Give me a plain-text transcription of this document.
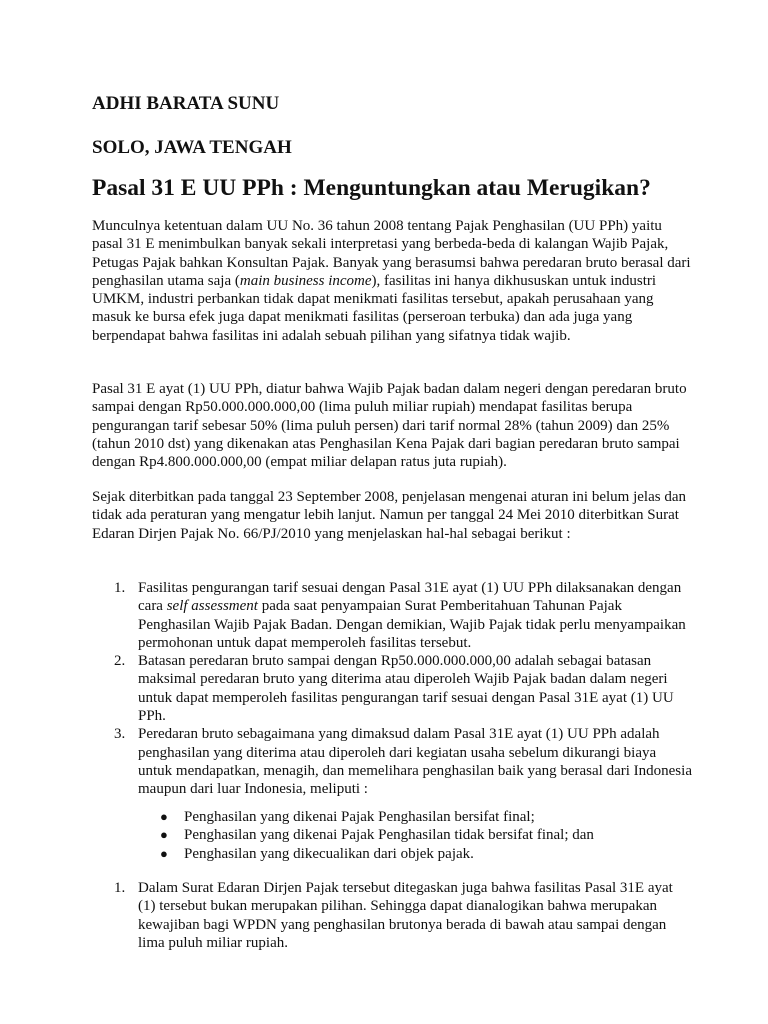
ADHI BARATA SUNU

SOLO, JAWA TENGAH

Pasal 31 E UU PPh : Menguntungkan atau Merugikan?

Munculnya ketentuan dalam UU No. 36 tahun 2008 tentang Pajak Penghasilan (UU PPh) yaitu pasal 31 E menimbulkan banyak sekali interpretasi yang berbeda-beda di kalangan Wajib Pajak, Petugas Pajak bahkan Konsultan Pajak. Banyak yang berasumsi bahwa peredaran bruto berasal dari penghasilan utama saja (main business income), fasilitas ini hanya dikhususkan untuk industri UMKM, industri perbankan tidak dapat menikmati fasilitas tersebut, apakah perusahaan yang masuk ke bursa efek juga dapat menikmati fasilitas (perseroan terbuka) dan ada juga yang berpendapat bahwa fasilitas ini adalah sebuah pilihan yang sifatnya tidak wajib.

Pasal 31 E ayat (1) UU PPh, diatur bahwa Wajib Pajak badan dalam negeri dengan peredaran bruto sampai dengan Rp50.000.000.000,00 (lima puluh miliar rupiah) mendapat fasilitas berupa pengurangan tarif sebesar 50% (lima puluh persen) dari tarif normal 28% (tahun 2009) dan 25% (tahun 2010 dst) yang dikenakan atas Penghasilan Kena Pajak dari bagian peredaran bruto sampai dengan Rp4.800.000.000,00 (empat miliar delapan ratus juta rupiah).

Sejak diterbitkan pada tanggal 23 September 2008, penjelasan mengenai aturan ini belum jelas dan tidak ada peraturan yang mengatur lebih lanjut. Namun per tanggal 24 Mei 2010 diterbitkan Surat Edaran Dirjen Pajak No. 66/PJ/2010 yang menjelaskan hal-hal sebagai berikut :

1. Fasilitas pengurangan tarif sesuai dengan Pasal 31E ayat (1) UU PPh dilaksanakan dengan cara self assessment pada saat penyampaian Surat Pemberitahuan Tahunan Pajak Penghasilan Wajib Pajak Badan. Dengan demikian, Wajib Pajak tidak perlu menyampaikan permohonan untuk dapat memperoleh fasilitas tersebut.
2. Batasan peredaran bruto sampai dengan Rp50.000.000.000,00 adalah sebagai batasan maksimal peredaran bruto yang diterima atau diperoleh Wajib Pajak badan dalam negeri untuk dapat memperoleh fasilitas pengurangan tarif sesuai dengan Pasal 31E ayat (1) UU PPh.
3. Peredaran bruto sebagaimana yang dimaksud dalam Pasal 31E ayat (1) UU PPh adalah penghasilan yang diterima atau diperoleh dari kegiatan usaha sebelum dikurangi biaya untuk mendapatkan, menagih, dan memelihara penghasilan baik yang berasal dari Indonesia maupun dari luar Indonesia, meliputi :
● Penghasilan yang dikenai Pajak Penghasilan bersifat final;
● Penghasilan yang dikenai Pajak Penghasilan tidak bersifat final; dan
● Penghasilan yang dikecualikan dari objek pajak.
1. Dalam Surat Edaran Dirjen Pajak tersebut ditegaskan juga bahwa fasilitas Pasal 31E ayat (1) tersebut bukan merupakan pilihan. Sehingga dapat dianalogikan bahwa merupakan kewajiban bagi WPDN yang penghasilan brutonya berada di bawah atau sampai dengan lima puluh miliar rupiah.
